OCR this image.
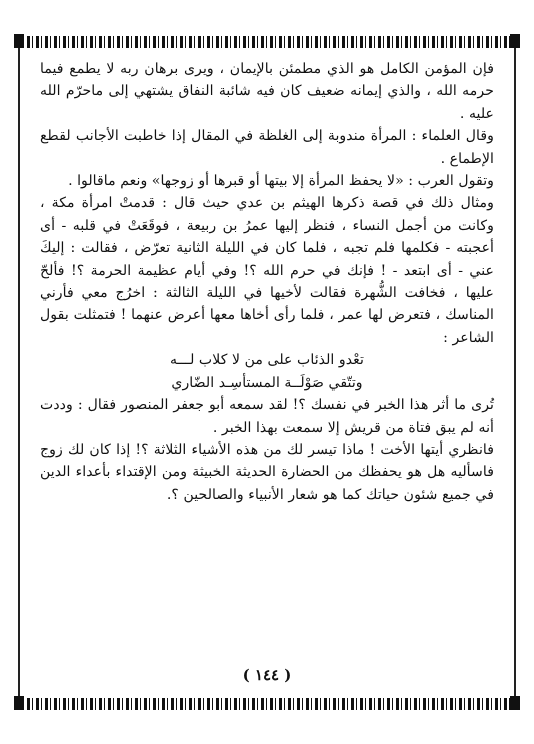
فإن المؤمن الكامل هو الذي مطمئن بالإيمان ، ويرى برهان ربه لا يطمع فيما حرمه الله ، والذي إيمانه ضعيف كان فيه شائبة النفاق يشتهي إلى ماحرّم الله عليه .

وقال العلماء : المرأة مندوبة إلى الغلظة في المقال إذا خاطبت الأجانب لقطع الإطماع .

وتقول العرب : «لا يحفظ المرأة إلا بيتها أو قبرها أو زوجها» ونعم ماقالوا .

ومثال ذلك في قصة ذكرها الهيثم بن عدي حيث قال : قدمتْ امرأة مكة ، وكانت من أجمل النساء ، فنظر إليها عمرُ بن ربيعة ، فوقَعَتْ في قلبه - أى أعجبته - فكلمها فلم تجبه ، فلما كان في الليلة الثانية تعرّض ، فقالت : إليكَ عني - أى ابتعد - ! فإنك في حرم الله ؟! وفي أيام عظيمة الحرمة ؟! فألحّ عليها ، فخافت الشُّهرة فقالت لأخيها في الليلة الثالثة : اخرُج معي فأرني المناسك ، فتعرض لها عمر ، فلما رأى أخاها معها أعرض عنهما ! فتمثلت بقول الشاعر :

تعْدو الذئاب على من لا كلاب لـــه

وتتّقي صَوْلَــة المستأسِـد الضّاري

تُرى ما أثر هذا الخبر في نفسك ؟! لقد سمعه أبو جعفر المنصور فقال : وددت أنه لم يبق فتاة من قريش إلا سمعت بهذا الخبر .

فانظري أيتها الأخت ! ماذا تيسر لك من هذه الأشياء الثلاثة ؟! إذا كان لك زوج فاسأليه هل هو يحفظك من الحضارة الحديثة الخبيثة ومن الإقتداء بأعداء الدين في جميع شئون حياتك كما هو شعار الأنبياء والصالحين ؟.

( ١٤٤ )
